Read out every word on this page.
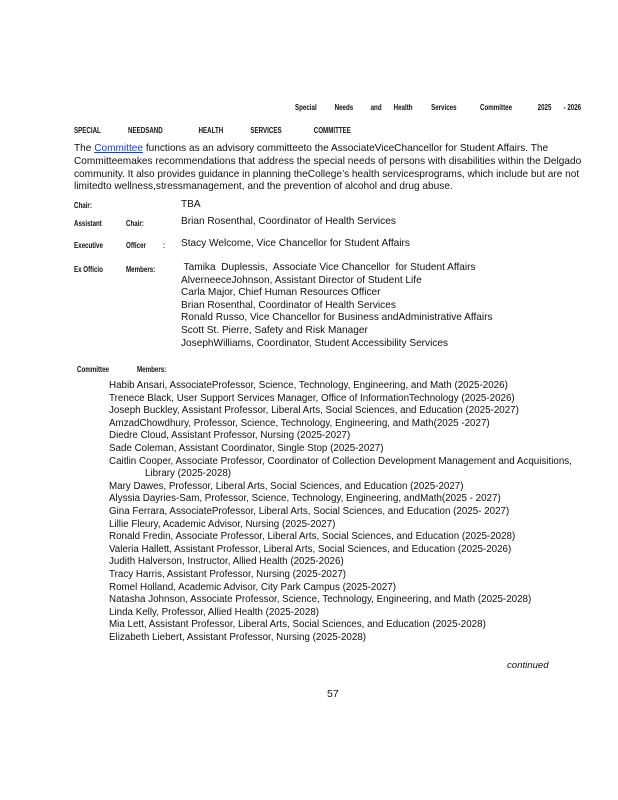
Special	Needs	and	Health	Services	Committee	2025	- 2026
SPECIAL	NEEDSAND	HEALTH	SERVICES	COMMITTEE
The Committee functions as an advisory committeeto the AssociateViceChancellor for Student Affairs. The Committeemakes recommendations that address the special needs of persons with disabilities within the Delgado community. It also provides guidance in planning theCollege’s health servicesprograms, which include but are not limitedto wellness,stressmanagement, and the prevention of alcohol and drug abuse.
Chair:	TBA
Assistant	Chair:	Brian Rosenthal, Coordinator of Health Services
Executive	Officer : Stacy Welcome, Vice Chancellor for Student Affairs
Ex Officio	Members:	Tamika  Duplessis,  Associate Vice Chancellor  for Student Affairs
AlverneeceJohnson, Assistant Director of Student Life
Carla Major, Chief Human Resources Officer
Brian Rosenthal, Coordinator of Health Services
Ronald Russo, Vice Chancellor for Business andAdministrative Affairs
Scott St. Pierre, Safety and Risk Manager
JosephWilliams, Coordinator, Student Accessibility Services
Committee	Members:
Habib Ansari, AssociateProfessor, Science, Technology, Engineering, and Math (2025-2026)
Trenece Black, User Support Services Manager, Office of InformationTechnology (2025-2026)
Joseph Buckley, Assistant Professor, Liberal Arts, Social Sciences, and Education (2025-2027)
AmzadChowdhury, Professor, Science, Technology, Engineering, and Math(2025 -2027)
Diedre Cloud, Assistant Professor, Nursing (2025-2027)
Sade Coleman, Assistant Coordinator, Single Stop (2025-2027)
Caitlin Cooper, Associate Professor, Coordinator of Collection Development Management and Acquisitions, Library (2025-2028)
Mary Dawes, Professor, Liberal Arts, Social Sciences, and Education (2025-2027)
Alyssia Dayries-Sam, Professor, Science, Technology, Engineering, andMath(2025 - 2027)
Gina Ferrara, AssociateProfessor, Liberal Arts, Social Sciences, and Education (2025- 2027)
Lillie Fleury, Academic Advisor, Nursing (2025-2027)
Ronald Fredin, Associate Professor, Liberal Arts, Social Sciences, and Education (2025-2028)
Valeria Hallett, Assistant Professor, Liberal Arts, Social Sciences, and Education (2025-2026)
Judith Halverson, Instructor, Allied Health (2025-2026)
Tracy Harris, Assistant Professor, Nursing (2025-2027)
Romel Holland, Academic Advisor, City Park Campus (2025-2027)
Natasha Johnson, Associate Professor, Science, Technology, Engineering, and Math (2025-2028)
Linda Kelly, Professor, Allied Health (2025-2028)
Mia Lett, Assistant Professor, Liberal Arts, Social Sciences, and Education (2025-2028)
Elizabeth Liebert, Assistant Professor, Nursing (2025-2028)
continued
57
